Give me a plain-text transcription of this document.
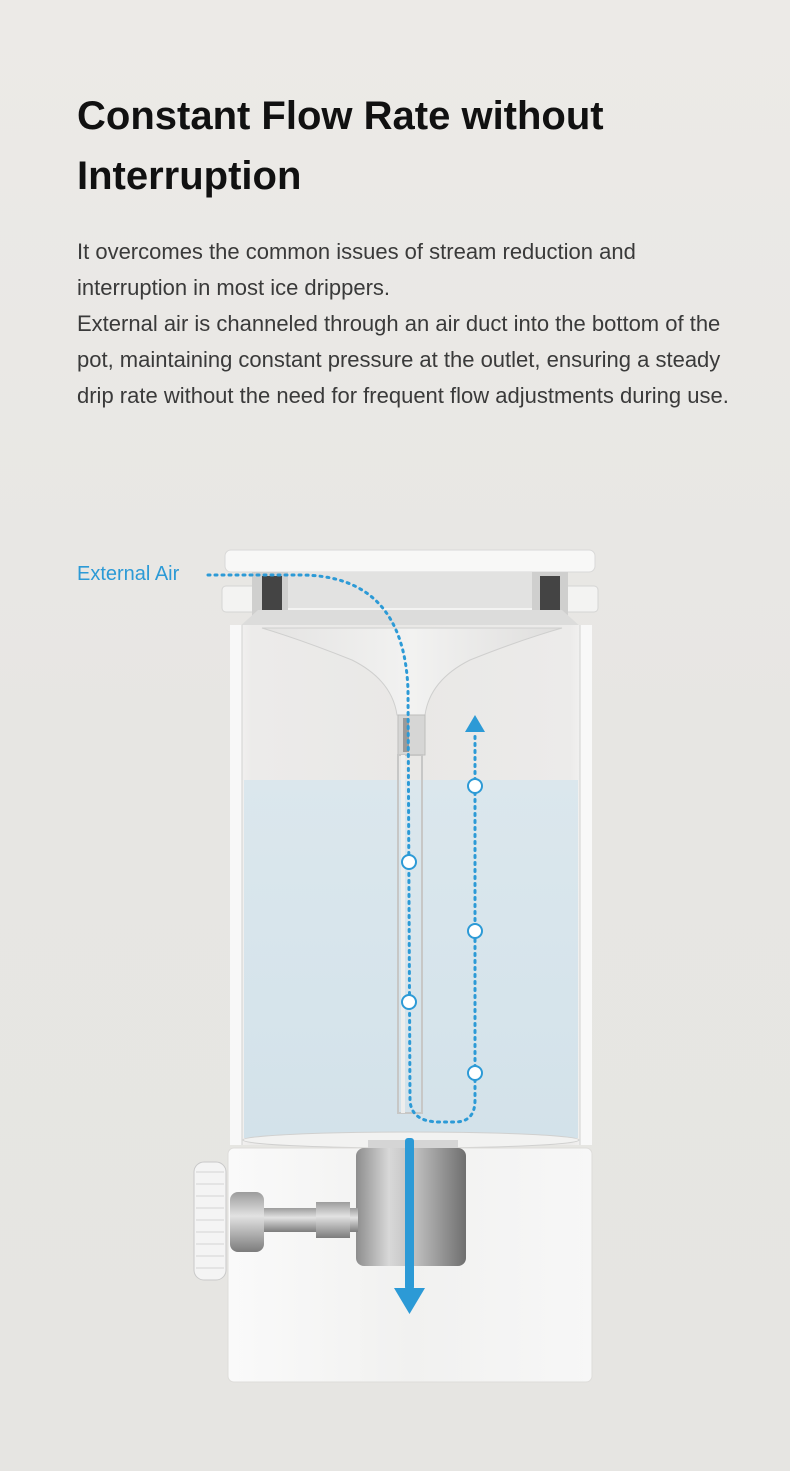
Constant Flow Rate without Interruption

It overcomes the common issues of stream reduction and interruption in most ice drippers.

External air is channeled through an air duct into the bottom of the pot, maintaining constant pressure at the outlet, ensuring a steady drip rate without the need for frequent flow adjustments during use.

External Air
